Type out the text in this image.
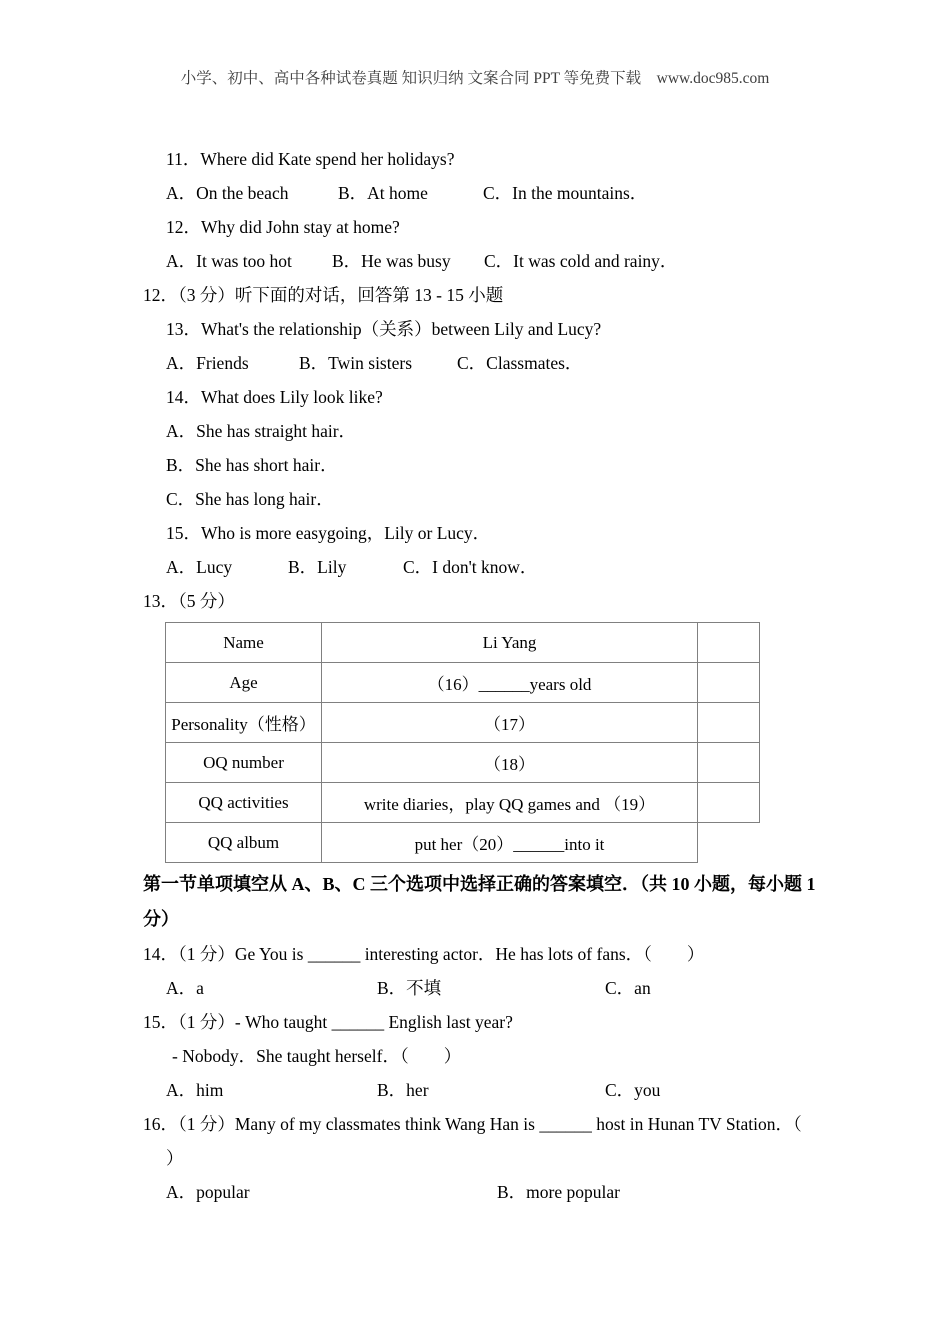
小学、初中、高中各种试卷真题 知识归纳 文案合同 PPT 等免费下载　www.doc985.com
11．Where did Kate spend her holidays?
A．On the beach	B．At home	C．In the mountains．
12．Why did John stay at home?
A．It was too hot	B．He was busy	C．It was cold and rainy．
12．（3 分）听下面的对话，回答第 13 - 15 小题
13．What's the relationship（关系）between Lily and Lucy?
A．Friends	B．Twin sisters	C．Classmates．
14．What does Lily look like?
A．She has straight hair．
B．She has short hair．
C．She has long hair．
15．Who is more easygoing，Lily or Lucy．
A．Lucy	B．Lily	C．I don't know．
13．（5 分）
Name	Li Yang	
Age	（16）______years old	
Personality（性格）	（17）	
OQ number	（18）	
QQ activities	write diaries，play QQ games and （19）	
QQ album	put her（20）______into it	
第一节单项填空从 A、B、C 三个选项中选择正确的答案填空．（共 10 小题，每小题 1
分）
14．（1 分）Ge You is ______ interesting actor．He has lots of fans．（　　）
A．a	B．不填	C．an
15．（1 分）- Who taught ______ English last year?
- Nobody．She taught herself．（　　）
A．him	B．her	C．you
16．（1 分）Many of my classmates think Wang Han is ______ host in Hunan TV Station．（
）
A．popular	B．more popular
